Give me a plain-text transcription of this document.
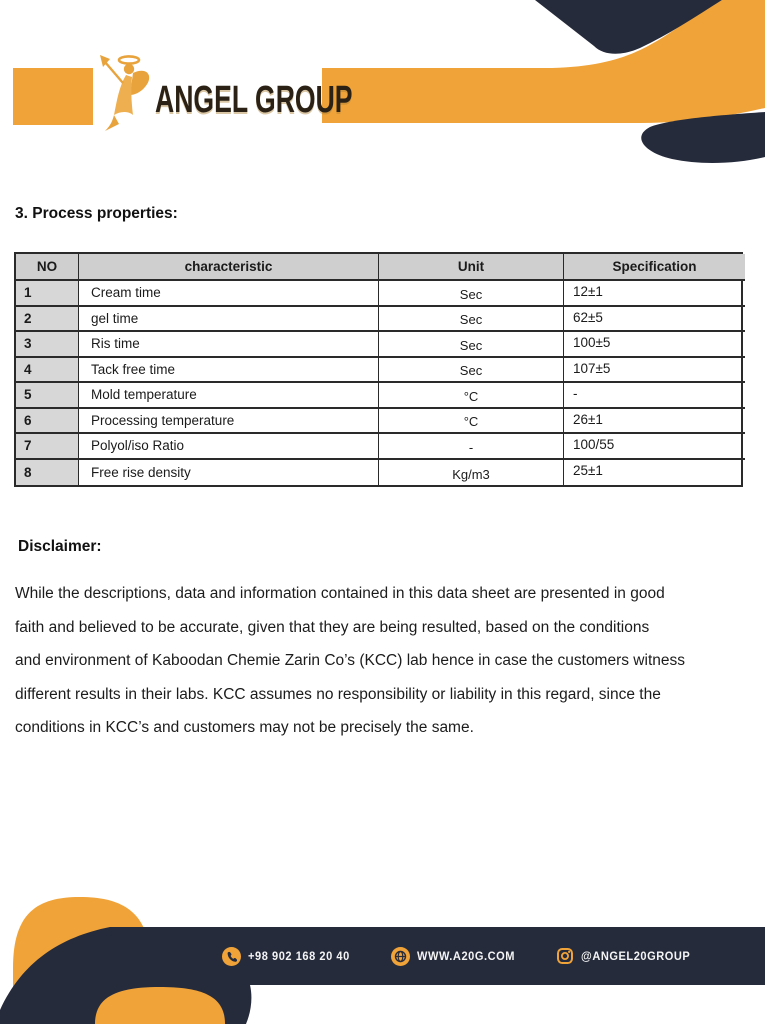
ANGEL GROUP
3. Process properties:
NO	characteristic	Unit	Specification
1	Cream time	Sec	12±1
2	gel time	Sec	62±5
3	Ris time	Sec	100±5
4	Tack free time	Sec	107±5
5	Mold temperature	°C	-
6	Processing temperature	°C	26±1
7	Polyol/iso Ratio	-	100/55
8	Free rise density	Kg/m3	25±1
Disclaimer:
While the descriptions, data and information contained in this data sheet are presented in good
faith and believed to be accurate, given that they are being resulted, based on the conditions
and environment of Kaboodan Chemie Zarin Co’s (KCC) lab hence in case the customers witness
different results in their labs. KCC assumes no responsibility or liability in this regard, since the
conditions in KCC’s and customers may not be precisely the same.
+98 902 168 20 40	WWW.A20G.COM	@ANGEL20GROUP
